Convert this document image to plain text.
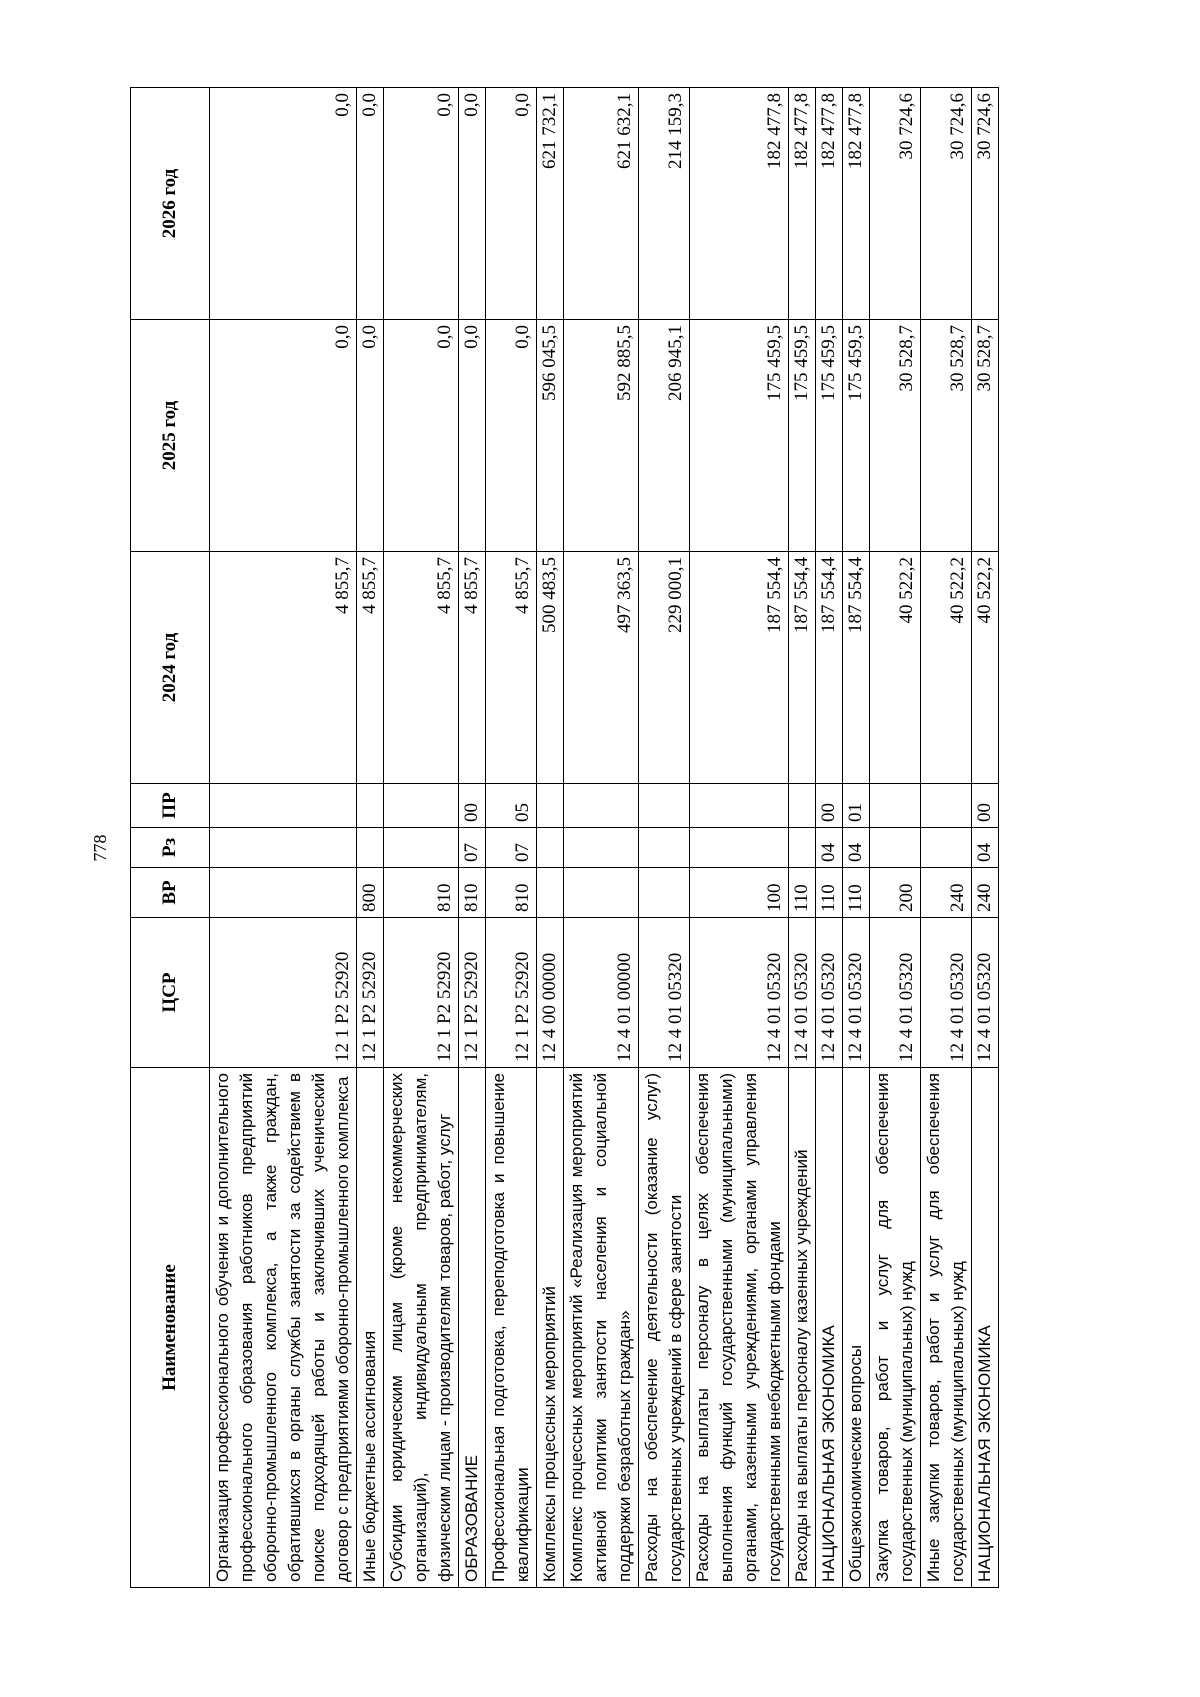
778
Наименование	ЦСР	ВР	Рз	ПР	2024 год	2025 год	2026 год
Организация профессионального обучения и дополнительного профессионального образования работников предприятий оборонно-промышленного комплекса, а также граждан, обратившихся в органы службы занятости за содействием в поиске подходящей работы и заключивших ученический договор с предприятиями оборонно-промышленного комплекса	12 1 Р2 52920				4 855,7	0,0	0,0
Иные бюджетные ассигнования	12 1 Р2 52920	800			4 855,7	0,0	0,0
Субсидии юридическим лицам (кроме некоммерческих организаций), индивидуальным предпринимателям, физическим лицам - производителям товаров, работ, услуг	12 1 Р2 52920	810			4 855,7	0,0	0,0
ОБРАЗОВАНИЕ	12 1 Р2 52920	810	07	00	4 855,7	0,0	0,0
Профессиональная подготовка, переподготовка и повышение квалификации	12 1 Р2 52920	810	07	05	4 855,7	0,0	0,0
Комплексы процессных мероприятий	12 4 00 00000				500 483,5	596 045,5	621 732,1
Комплекс процессных мероприятий «Реализация мероприятий активной политики занятости населения и социальной поддержки безработных граждан»	12 4 01 00000				497 363,5	592 885,5	621 632,1
Расходы на обеспечение деятельности (оказание услуг) государственных учреждений в сфере занятости	12 4 01 05320				229 000,1	206 945,1	214 159,3
Расходы на выплаты персоналу в целях обеспечения выполнения функций государственными (муниципальными) органами, казенными учреждениями, органами управления государственными внебюджетными фондами	12 4 01 05320	100			187 554,4	175 459,5	182 477,8
Расходы на выплаты персоналу казенных учреждений	12 4 01 05320	110			187 554,4	175 459,5	182 477,8
НАЦИОНАЛЬНАЯ ЭКОНОМИКА	12 4 01 05320	110	04	00	187 554,4	175 459,5	182 477,8
Общеэкономические вопросы	12 4 01 05320	110	04	01	187 554,4	175 459,5	182 477,8
Закупка товаров, работ и услуг для обеспечения государственных (муниципальных) нужд	12 4 01 05320	200			40 522,2	30 528,7	30 724,6
Иные закупки товаров, работ и услуг для обеспечения государственных (муниципальных) нужд	12 4 01 05320	240			40 522,2	30 528,7	30 724,6
НАЦИОНАЛЬНАЯ ЭКОНОМИКА	12 4 01 05320	240	04	00	40 522,2	30 528,7	30 724,6
